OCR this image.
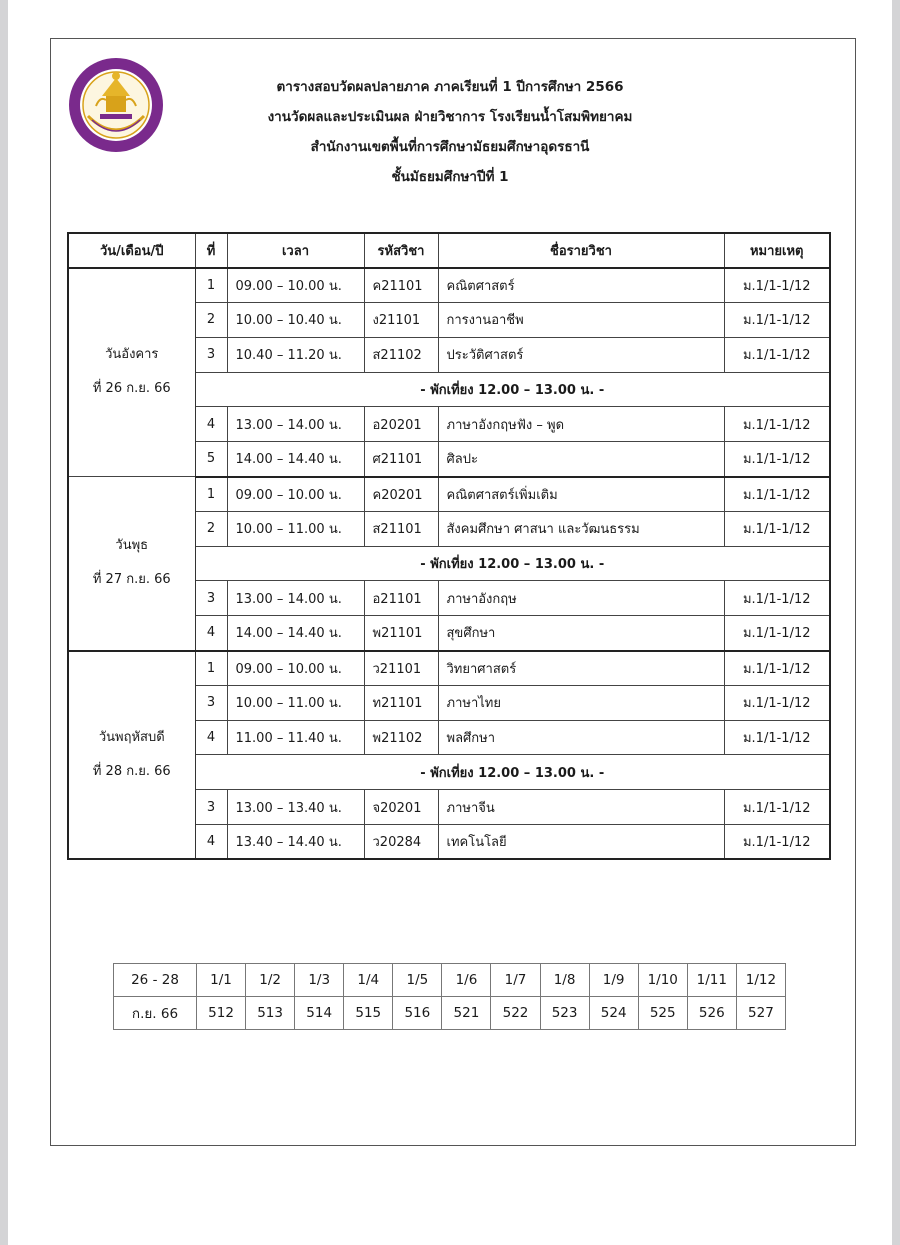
ตารางสอบวัดผลปลายภาค ภาคเรียนที่ 1 ปีการศึกษา 2566
งานวัดผลและประเมินผล ฝ่ายวิชาการ โรงเรียนน้ำโสมพิทยาคม
สำนักงานเขตพื้นที่การศึกษามัธยมศึกษาอุดรธานี
ชั้นมัธยมศึกษาปีที่ 1
วัน/เดือน/ปี	ที่	เวลา	รหัสวิชา	ชื่อรายวิชา	หมายเหตุ

วันอังคาร
ที่ 26 ก.ย. 66	1	09.00 – 10.00 น.	ค21101	คณิตศาสตร์	ม.1/1-1/12
	2	10.00 – 10.40 น.	ง21101	การงานอาชีพ	ม.1/1-1/12
	3	10.40 – 11.20 น.	ส21102	ประวัติศาสตร์	ม.1/1-1/12
	- พักเที่ยง 12.00 – 13.00 น. -				
	4	13.00 – 14.00 น.	อ20201	ภาษาอังกฤษฟัง – พูด	ม.1/1-1/12
	5	14.00 – 14.40 น.	ศ21101	ศิลปะ	ม.1/1-1/12

วันพุธ
ที่ 27 ก.ย. 66	1	09.00 – 10.00 น.	ค20201	คณิตศาสตร์เพิ่มเติม	ม.1/1-1/12
	2	10.00 – 11.00 น.	ส21101	สังคมศึกษา ศาสนา และวัฒนธรรม	ม.1/1-1/12
	- พักเที่ยง 12.00 – 13.00 น. -				
	3	13.00 – 14.00 น.	อ21101	ภาษาอังกฤษ	ม.1/1-1/12
	4	14.00 – 14.40 น.	พ21101	สุขศึกษา	ม.1/1-1/12

วันพฤหัสบดี
ที่ 28 ก.ย. 66	1	09.00 – 10.00 น.	ว21101	วิทยาศาสตร์	ม.1/1-1/12
	3	10.00 – 11.00 น.	ท21101	ภาษาไทย	ม.1/1-1/12
	4	11.00 – 11.40 น.	พ21102	พลศึกษา	ม.1/1-1/12
	- พักเที่ยง 12.00 – 13.00 น. -				
	3	13.00 – 13.40 น.	จ20201	ภาษาจีน	ม.1/1-1/12
	4	13.40 – 14.40 น.	ว20284	เทคโนโลยี	ม.1/1-1/12
26 - 28	1/1	1/2	1/3	1/4	1/5	1/6	1/7	1/8	1/9	1/10	1/11	1/12
ก.ย. 66	512	513	514	515	516	521	522	523	524	525	526	527
